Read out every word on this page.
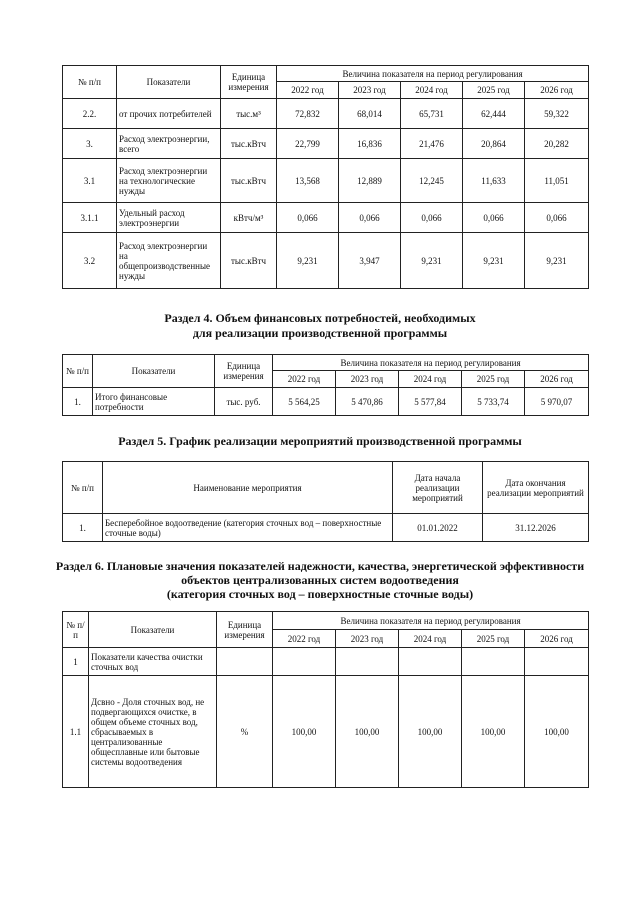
№ п/п	Показатели	Единица измерения	Величина показателя на период регулирования				
			2022 год	2023 год	2024 год	2025 год	2026 год
2.2.	от прочих потребителей	тыс.м³	72,832	68,014	65,731	62,444	59,322
3.	Расход электроэнергии, всего	тыс.кВтч	22,799	16,836	21,476	20,864	20,282
3.1	Расход электроэнергии на технологические нужды	тыс.кВтч	13,568	12,889	12,245	11,633	11,051
3.1.1	Удельный расход электроэнергии	кВтч/м³	0,066	0,066	0,066	0,066	0,066
3.2	Расход электроэнергии на общепроизводственные нужды	тыс.кВтч	9,231	3,947	9,231	9,231	9,231
Раздел 4. Объем финансовых потребностей, необходимых
для реализации производственной программы
№ п/п	Показатели	Единица измерения	Величина показателя на период регулирования				
			2022 год	2023 год	2024 год	2025 год	2026 год
1.	Итого финансовые потребности	тыс. руб.	5 564,25	5 470,86	5 577,84	5 733,74	5 970,07
Раздел 5. График реализации мероприятий производственной программы
№ п/п	Наименование мероприятия	Дата начала реализации мероприятий	Дата окончания реализации мероприятий
1.	Бесперебойное водоотведение (категория сточных вод – поверхностные сточные воды)	01.01.2022	31.12.2026
Раздел 6. Плановые значения показателей надежности, качества, энергетической эффективности
объектов централизованных систем водоотведения
(категория сточных вод – поверхностные сточные воды)
№ п/п	Показатели	Единица измерения	Величина показателя на период регулирования				
			2022 год	2023 год	2024 год	2025 год	2026 год
1	Показатели качества очистки сточных вод						
1.1	Дсвно - Доля сточных вод, не подвергающихся очистке, в общем объеме сточных вод, сбрасываемых в централизованные общесплавные или бытовые системы водоотведения	%	100,00	100,00	100,00	100,00	100,00
